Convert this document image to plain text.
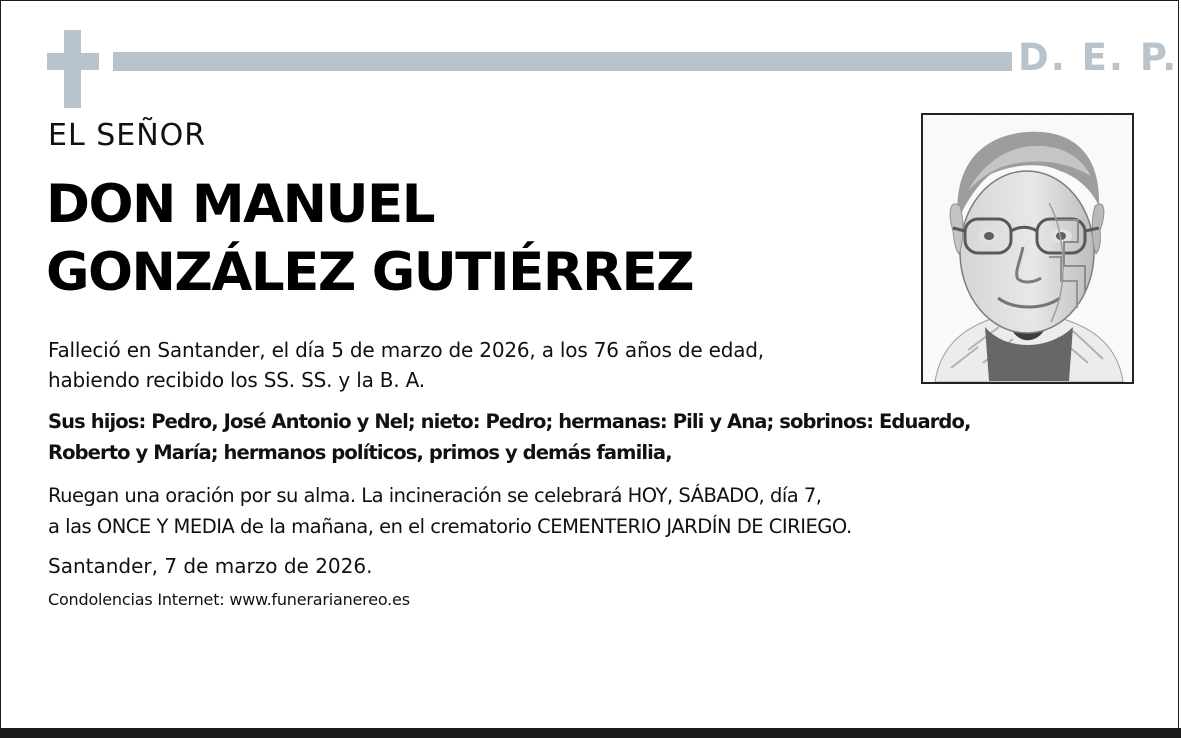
D. E. P.
EL SEÑOR
DON MANUEL
GONZÁLEZ GUTIÉRREZ
Falleció en Santander, el día 5 de marzo de 2026, a los 76 años de edad,
habiendo recibido los SS. SS. y la B. A.
Sus hijos: Pedro, José Antonio y Nel; nieto: Pedro; hermanas: Pili y Ana; sobrinos: Eduardo,
Roberto y María; hermanos políticos, primos y demás familia,
Ruegan una oración por su alma. La incineración se celebrará HOY, SÁBADO, día 7,
a las ONCE Y MEDIA de la mañana, en el crematorio CEMENTERIO JARDÍN DE CIRIEGO.
Santander, 7 de marzo de 2026.
Condolencias Internet: www.funerarianereo.es
